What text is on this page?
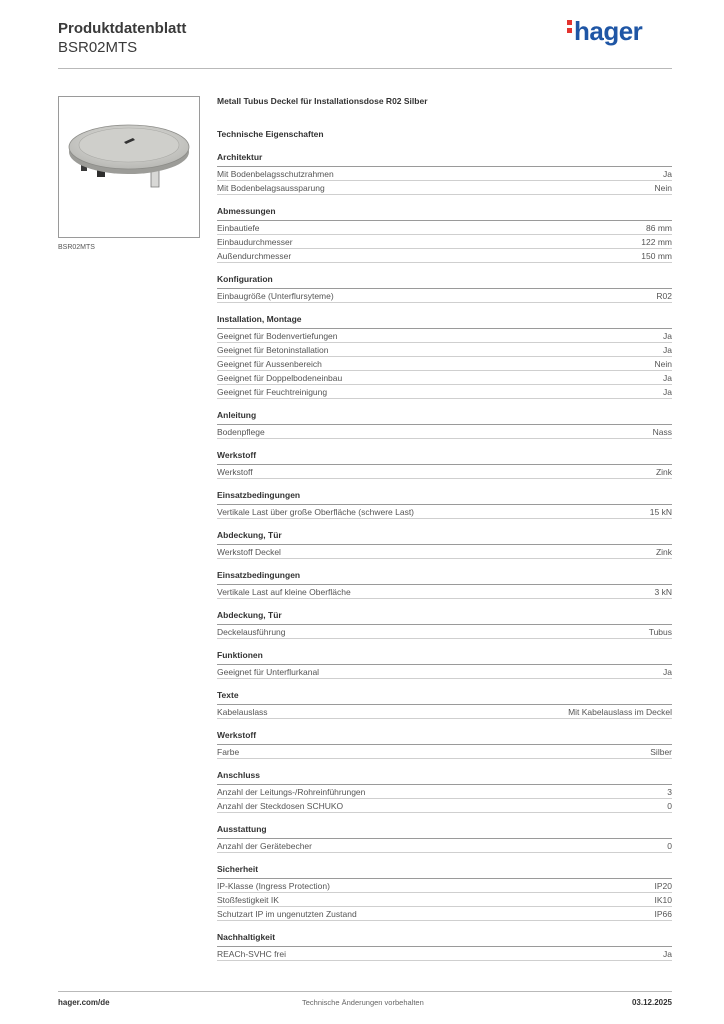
Produktdatenblatt
BSR02MTS
hager
BSR02MTS
Metall Tubus Deckel für Installationsdose R02 Silber
Technische Eigenschaften
Architektur
Mit Bodenbelagsschutzrahmen	Ja
Mit Bodenbelagsaussparung	Nein
Abmessungen
Einbautiefe	86 mm
Einbaudurchmesser	122 mm
Außendurchmesser	150 mm
Konfiguration
Einbaugröße (Unterflursyteme)	R02
Installation, Montage
Geeignet für Bodenvertiefungen	Ja
Geeignet für Betoninstallation	Ja
Geeignet für Aussenbereich	Nein
Geeignet für Doppelbodeneinbau	Ja
Geeignet für Feuchtreinigung	Ja
Anleitung
Bodenpflege	Nass
Werkstoff
Werkstoff	Zink
Einsatzbedingungen
Vertikale Last über große Oberfläche (schwere Last)	15 kN
Abdeckung, Tür
Werkstoff Deckel	Zink
Einsatzbedingungen
Vertikale Last auf kleine Oberfläche	3 kN
Abdeckung, Tür
Deckelausführung	Tubus
Funktionen
Geeignet für Unterflurkanal	Ja
Texte
Kabelauslass	Mit Kabelauslass im Deckel
Werkstoff
Farbe	Silber
Anschluss
Anzahl der Leitungs-/Rohreinführungen	3
Anzahl der Steckdosen SCHUKO	0
Ausstattung
Anzahl der Gerätebecher	0
Sicherheit
IP-Klasse (Ingress Protection)	IP20
Stoßfestigkeit IK	IK10
Schutzart IP im ungenutzten Zustand	IP66
Nachhaltigkeit
REACh-SVHC frei	Ja
hager.com/de	Technische Änderungen vorbehalten	03.12.2025
